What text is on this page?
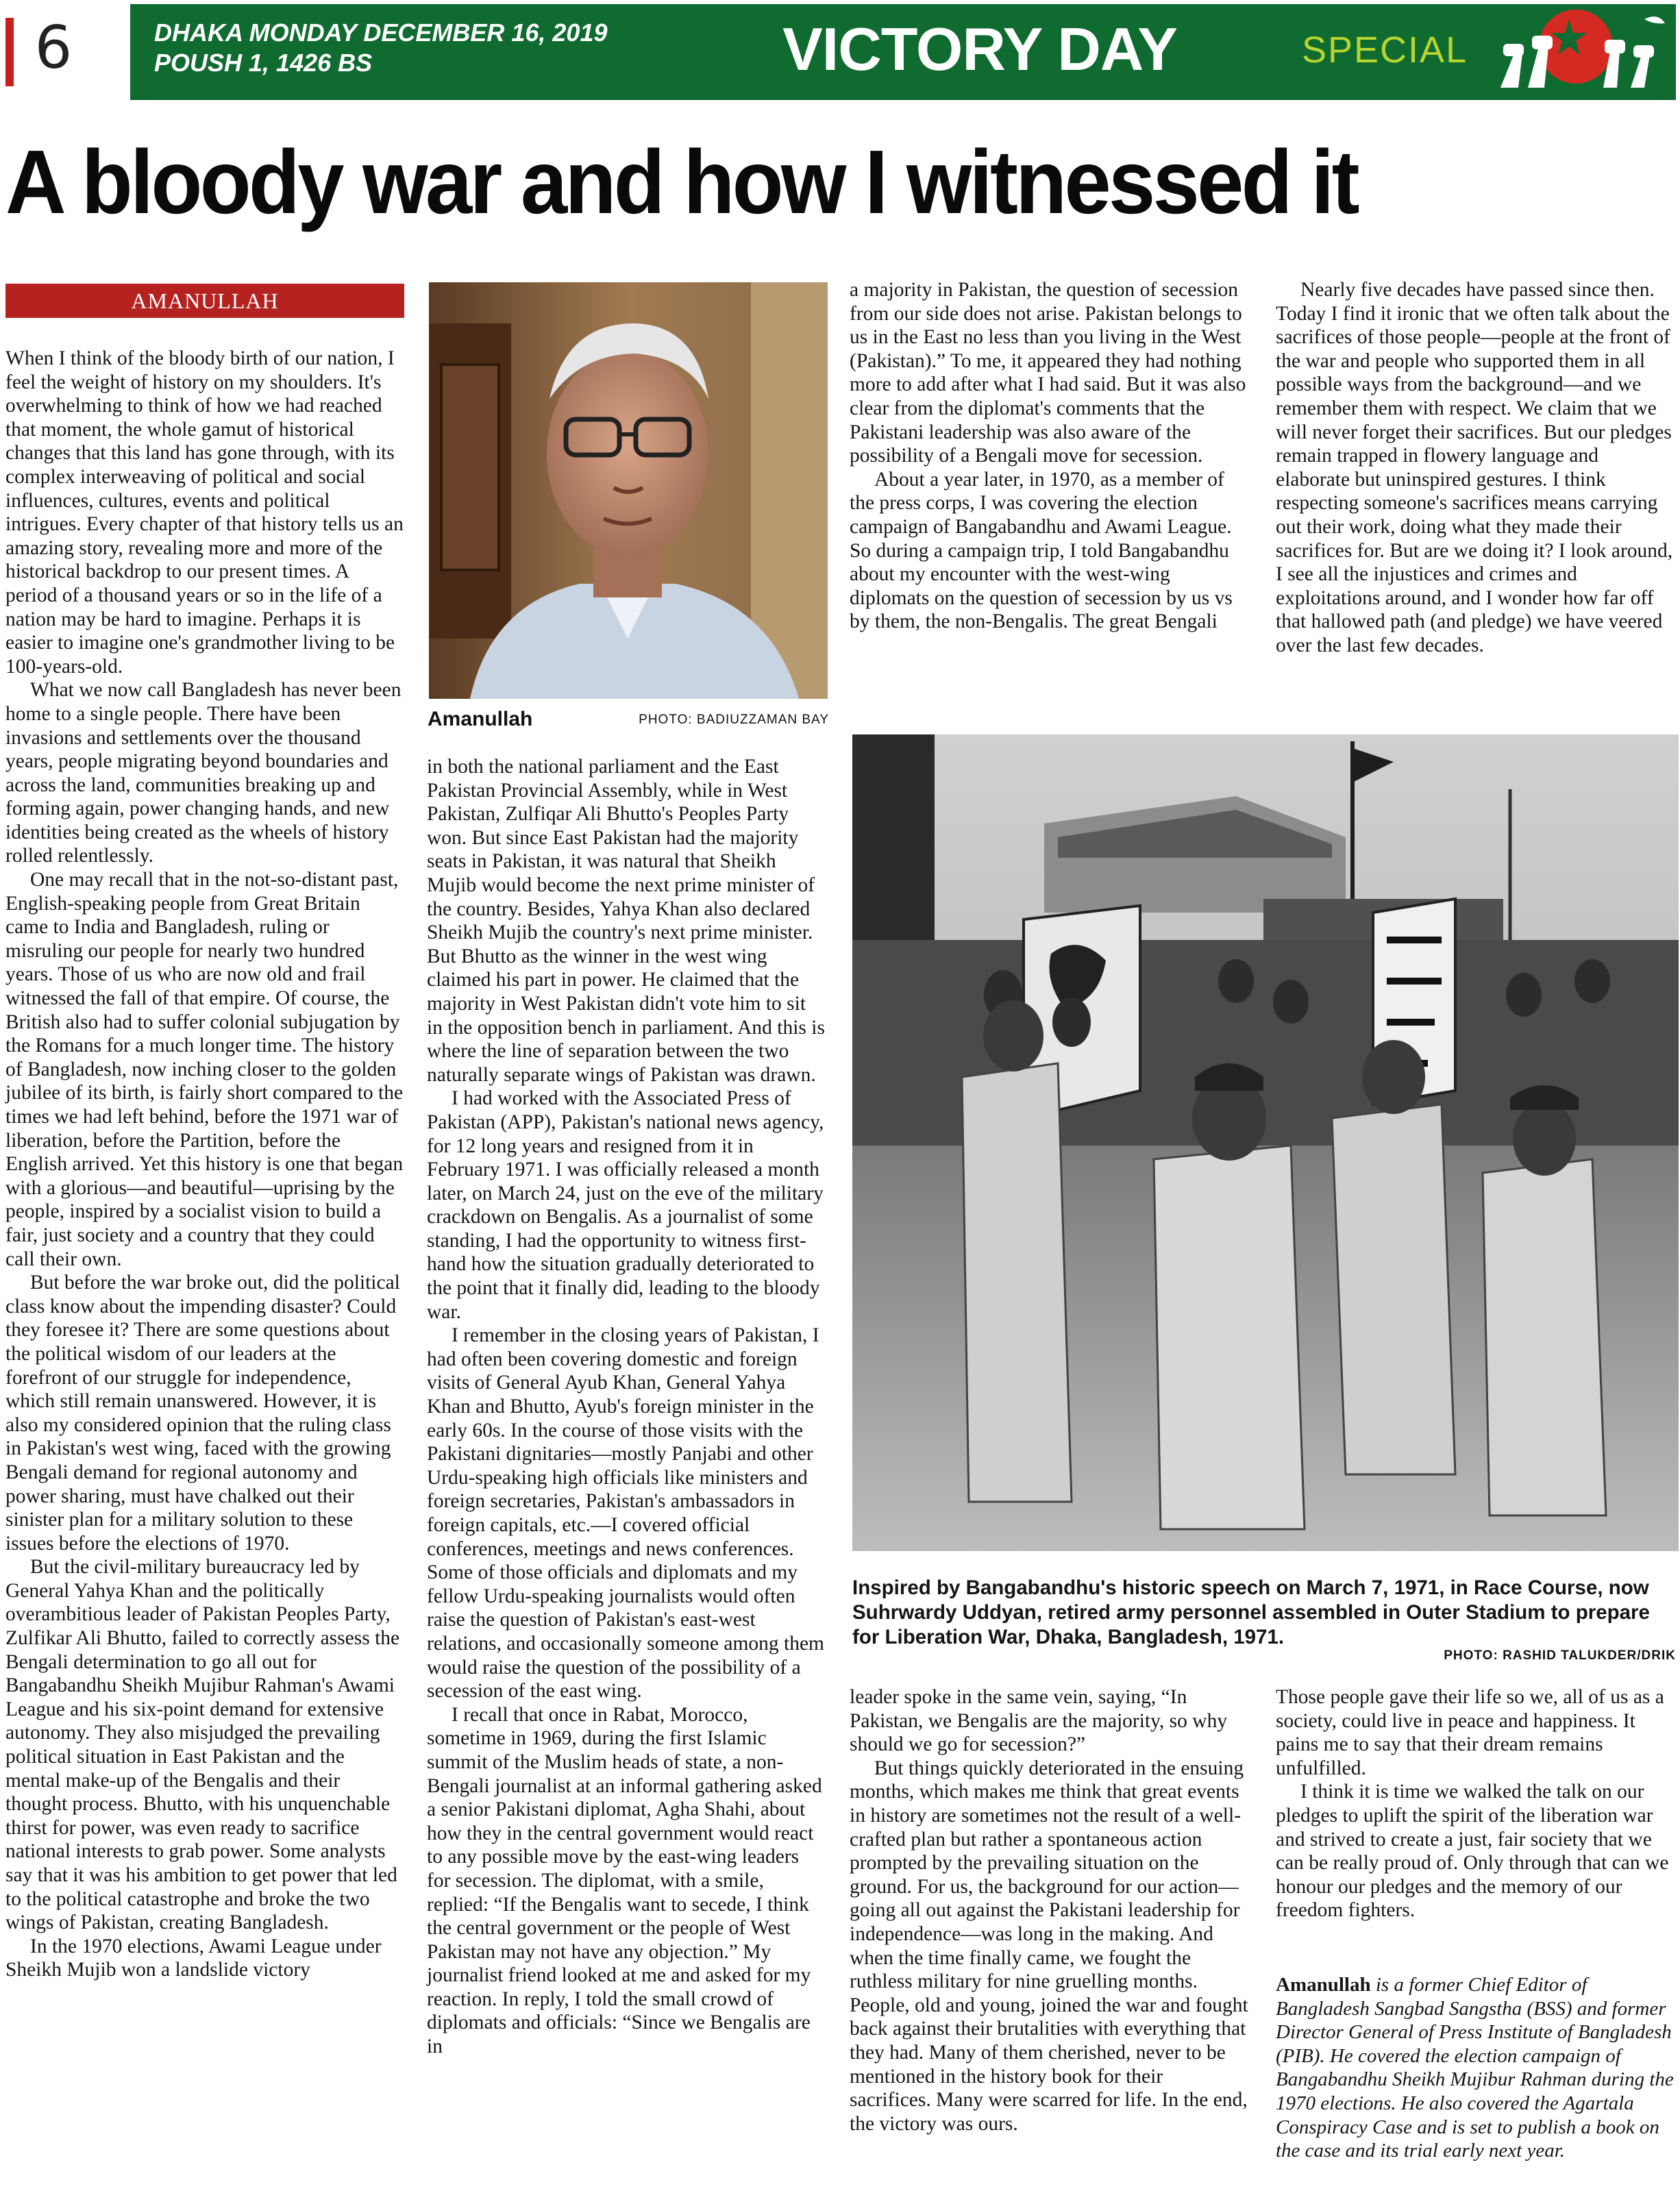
6	DHAKA MONDAY DECEMBER 16, 2019
POUSH 1, 1426 BS	VICTORY DAY	SPECIAL
A bloody war and how I witnessed it
AMANULLAH

When I think of the bloody birth of our nation, I feel the weight of history on my shoulders. It's overwhelming to think of how we had reached that moment, the whole gamut of historical changes that this land has gone through, with its complex interweaving of political and social influences, cultures, events and political intrigues. Every chapter of that history tells us an amazing story, revealing more and more of the historical backdrop to our present times. A period of a thousand years or so in the life of a nation may be hard to imagine. Perhaps it is easier to imagine one's grandmother living to be 100-years-old.

What we now call Bangladesh has never been home to a single people. There have been invasions and settlements over the thousand years, people migrating beyond boundaries and across the land, communities breaking up and forming again, power changing hands, and new identities being created as the wheels of history rolled relentlessly.

One may recall that in the not-so-distant past, English-speaking people from Great Britain came to India and Bangladesh, ruling or misruling our people for nearly two hundred years. Those of us who are now old and frail witnessed the fall of that empire. Of course, the British also had to suffer colonial subjugation by the Romans for a much longer time. The history of Bangladesh, now inching closer to the golden jubilee of its birth, is fairly short compared to the times we had left behind, before the 1971 war of liberation, before the Partition, before the English arrived. Yet this history is one that began with a glorious—and beautiful—uprising by the people, inspired by a socialist vision to build a fair, just society and a country that they could call their own.

But before the war broke out, did the political class know about the impending disaster? Could they foresee it? There are some questions about the political wisdom of our leaders at the forefront of our struggle for independence, which still remain unanswered. However, it is also my considered opinion that the ruling class in Pakistan's west wing, faced with the growing Bengali demand for regional autonomy and power sharing, must have chalked out their sinister plan for a military solution to these issues before the elections of 1970.

But the civil-military bureaucracy led by General Yahya Khan and the politically overambitious leader of Pakistan Peoples Party, Zulfikar Ali Bhutto, failed to correctly assess the Bengali determination to go all out for Bangabandhu Sheikh Mujibur Rahman's Awami League and his six-point demand for extensive autonomy. They also misjudged the prevailing political situation in East Pakistan and the mental make-up of the Bengalis and their thought process. Bhutto, with his unquenchable thirst for power, was even ready to sacrifice national interests to grab power. Some analysts say that it was his ambition to get power that led to the political catastrophe and broke the two wings of Pakistan, creating Bangladesh.

In the 1970 elections, Awami League under Sheikh Mujib won a landslide victory

Amanullah	PHOTO: BADIUZZAMAN BAY

in both the national parliament and the East Pakistan Provincial Assembly, while in West Pakistan, Zulfiqar Ali Bhutto's Peoples Party won. But since East Pakistan had the majority seats in Pakistan, it was natural that Sheikh Mujib would become the next prime minister of the country. Besides, Yahya Khan also declared Sheikh Mujib the country's next prime minister. But Bhutto as the winner in the west wing claimed his part in power. He claimed that the majority in West Pakistan didn't vote him to sit in the opposition bench in parliament. And this is where the line of separation between the two naturally separate wings of Pakistan was drawn.

I had worked with the Associated Press of Pakistan (APP), Pakistan's national news agency, for 12 long years and resigned from it in February 1971. I was officially released a month later, on March 24, just on the eve of the military crackdown on Bengalis. As a journalist of some standing, I had the opportunity to witness first-hand how the situation gradually deteriorated to the point that it finally did, leading to the bloody war.

I remember in the closing years of Pakistan, I had often been covering domestic and foreign visits of General Ayub Khan, General Yahya Khan and Bhutto, Ayub's foreign minister in the early 60s. In the course of those visits with the Pakistani dignitaries—mostly Panjabi and other Urdu-speaking high officials like ministers and foreign secretaries, Pakistan's ambassadors in foreign capitals, etc.—I covered official conferences, meetings and news conferences. Some of those officials and diplomats and my fellow Urdu-speaking journalists would often raise the question of Pakistan's east-west relations, and occasionally someone among them would raise the question of the possibility of a secession of the east wing.

I recall that once in Rabat, Morocco, sometime in 1969, during the first Islamic summit of the Muslim heads of state, a non-Bengali journalist at an informal gathering asked a senior Pakistani diplomat, Agha Shahi, about how they in the central government would react to any possible move by the east-wing leaders for secession. The diplomat, with a smile, replied: “If the Bengalis want to secede, I think the central government or the people of West Pakistan may not have any objection.” My journalist friend looked at me and asked for my reaction. In reply, I told the small crowd of diplomats and officials: “Since we Bengalis are in

a majority in Pakistan, the question of secession from our side does not arise. Pakistan belongs to us in the East no less than you living in the West (Pakistan).” To me, it appeared they had nothing more to add after what I had said. But it was also clear from the diplomat's comments that the Pakistani leadership was also aware of the possibility of a Bengali move for secession.

About a year later, in 1970, as a member of the press corps, I was covering the election campaign of Bangabandhu and Awami League. So during a campaign trip, I told Bangabandhu about my encounter with the west-wing diplomats on the question of secession by us vs by them, the non-Bengalis. The great Bengali

Nearly five decades have passed since then. Today I find it ironic that we often talk about the sacrifices of those people—people at the front of the war and people who supported them in all possible ways from the background—and we remember them with respect. We claim that we will never forget their sacrifices. But our pledges remain trapped in flowery language and elaborate but uninspired gestures. I think respecting someone's sacrifices means carrying out their work, doing what they made their sacrifices for. But are we doing it? I look around, I see all the injustices and crimes and exploitations around, and I wonder how far off that hallowed path (and pledge) we have veered over the last few decades.

Inspired by Bangabandhu's historic speech on March 7, 1971, in Race Course, now Suhrwardy Uddyan, retired army personnel assembled in Outer Stadium to prepare for Liberation War, Dhaka, Bangladesh, 1971.
PHOTO: RASHID TALUKDER/DRIK

leader spoke in the same vein, saying, “In Pakistan, we Bengalis are the majority, so why should we go for secession?”

But things quickly deteriorated in the ensuing months, which makes me think that great events in history are sometimes not the result of a well-crafted plan but rather a spontaneous action prompted by the prevailing situation on the ground. For us, the background for our action—going all out against the Pakistani leadership for independence—was long in the making. And when the time finally came, we fought the ruthless military for nine gruelling months. People, old and young, joined the war and fought back against their brutalities with everything that they had. Many of them cherished, never to be mentioned in the history book for their sacrifices. Many were scarred for life. In the end, the victory was ours.

Those people gave their life so we, all of us as a society, could live in peace and happiness. It pains me to say that their dream remains unfulfilled.

I think it is time we walked the talk on our pledges to uplift the spirit of the liberation war and strived to create a just, fair society that we can be really proud of. Only through that can we honour our pledges and the memory of our freedom fighters.

Amanullah is a former Chief Editor of Bangladesh Sangbad Sangstha (BSS) and former Director General of Press Institute of Bangladesh (PIB). He covered the election campaign of Bangabandhu Sheikh Mujibur Rahman during the 1970 elections. He also covered the Agartala Conspiracy Case and is set to publish a book on the case and its trial early next year.
